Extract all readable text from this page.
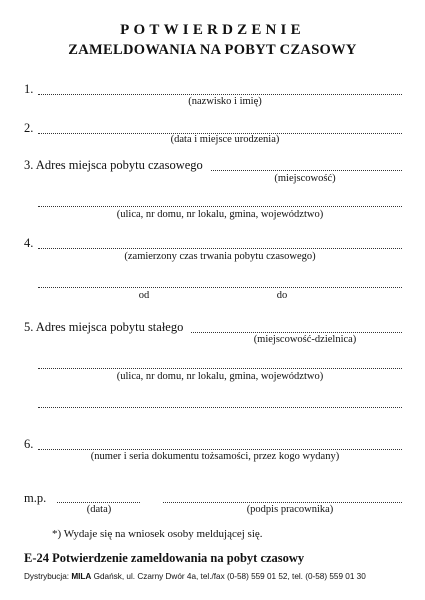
POTWIERDZENIE
ZAMELDOWANIA NA POBYT CZASOWY
1.
(nazwisko i imię)
2.
(data i miejsce urodzenia)
3. Adres miejsca pobytu czasowego
(miejscowość)
(ulica, nr domu, nr lokalu, gmina, województwo)
4.
(zamierzony czas trwania pobytu czasowego)
od	do
5. Adres miejsca pobytu stałego
(miejscowość-dzielnica)
(ulica, nr domu, nr lokalu, gmina, województwo)
6.
(numer i seria dokumentu tożsamości, przez kogo wydany)
m.p.
(data)	(podpis pracownika)
*) Wydaje się na wniosek osoby meldującej się.
E-24 Potwierdzenie zameldowania na pobyt czasowy
Dystrybucja: MILA Gdańsk, ul. Czarny Dwór 4a, tel./fax (0-58) 559 01 52, tel. (0-58) 559 01 30
